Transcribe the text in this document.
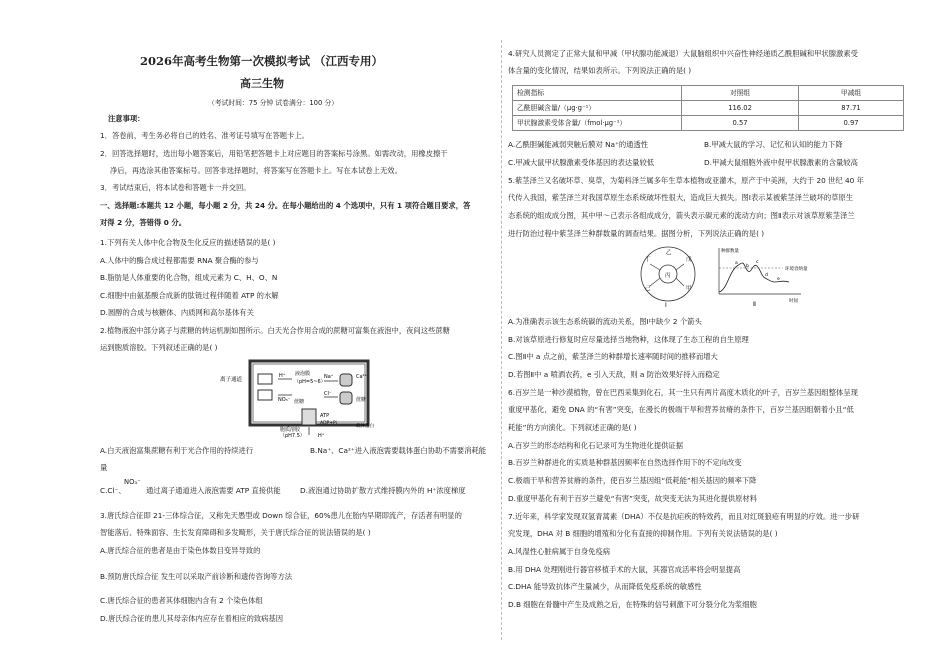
2026年高考生物第一次模拟考试 （江西专用）
高三生物
（考试时间：75 分钟 试卷满分：100 分）
注意事项：
1．答卷前，考生务必将自己的姓名、准考证号填写在答题卡上。
2．回答选择题时，选出每小题答案后，用铅笔把答题卡上对应题目的答案标号涂黑。如需改动，用橡皮擦干
净后，再选涂其他答案标号。回答非选择题时，将答案写在答题卡上。写在本试卷上无效。
3．考试结束后，将本试卷和答题卡一并交回。
一、选择题:本题共 12 小题，每小题 2 分，共 24 分。在每小题给出的 4 个选项中，只有 1 项符合题目要求，答
对得 2 分，答错得 0 分。
1.下列有关人体中化合物及生化反应的描述错误的是( )
A.人体中的酶合成过程都需要 RNA 聚合酶的参与
B.脂肪是人体重要的化合物，组成元素为 C、H、O、N
C.细胞中由氨基酸合成新的肽链过程伴随着 ATP 的水解
D.圆醇的合成与核糖体、内质网和高尔基体有关
2.植物液泡中部分离子与蔗糖的转运机制如图所示。白天光合作用合成的蔗糖可富集在液泡中，夜间这些蔗糖
运到胞质溶胶。下列叙述正确的是( )
离子通道
液泡膜
（pH=5~6）
H⁺
NO₃⁻
Na⁺	Ca²⁺
Cl⁻
蔗糖	蔗糖
ATP
ADP+Pi
胞质溶胶
（pH7.5）	H⁺
载体蛋白
A.白天液泡富集蔗糖有利于光合作用的持续进行	B.Na⁺、Ca²⁺进入液泡需要载体蛋白协助不需要消耗能
量
C.Cl⁻、
NO₃⁻
通过离子通道进入液泡需要 ATP 直接供能	D.液泡通过协助扩散方式维持膜内外的 H⁺浓度梯度
3.唐氏综合征即 21-三体综合征，又称先天愚型或 Down 综合征，60%患儿在胎内早期即流产，存活者有明显的
智能落后、特殊面容、生长发育障碍和多发畸形，关于唐氏综合征的说法错误的是( )
A.唐氏综合征的患者是由于染色体数目变异导致的
B.预防唐氏综合征 发生可以采取产前诊断和遗传咨询等方法
C.唐氏综合征的患者其体细胞内含有 2 个染色体组
D.唐氏综合征的患儿其母亲体内应存在着相应的致病基因
4.研究人员测定了正常大鼠和甲减（甲状腺功能减退）大鼠脑组织中兴奋性神经递质乙酰胆碱和甲状腺激素受
体含量的变化情况，结果如表所示。下列说法正确的是( )
检测指标	对照组	甲减组
乙酰胆碱含量/（μg·g⁻¹）	116.02	87.71
甲状腺激素受体含量/（fmol·μg⁻¹）	0.57	0.97
A.乙酰胆碱能减弱突触后膜对 Na⁺的通透性	B.甲减大鼠的学习、记忆和认知的能力下降
C.甲减大鼠甲状腺激素受体基因的表达量较低	D.甲减大鼠细胞外液中促甲状腺激素的含量较高
5.紫茎泽兰又名破坏草、臭草，为菊科泽兰属多年生草本植物或亚灌木，原产于中美洲，大约于 20 世纪 40 年
代传入我国，紫茎泽兰对我国草原生态系统破坏性很大，造成巨大损失。图Ⅰ表示某被紫茎泽兰破坏的草原生
态系统的组成成分图，其中甲～己表示各组成成分，箭头表示碳元素的流动方向；图Ⅱ表示对该草原紫茎泽兰
进行防治过程中紫茎泽兰种群数量的调查结果。据图分析，下列说法正确的是( )
丙
丁	戊
己	甲
乙
Ⅰ
种群数量
环境容纳量
a
b
c
d
e
时间
Ⅱ
A.为准确表示该生态系统碳的流动关系，图Ⅰ中缺少 2 个箭头
B.对该草原进行修复时应尽量选择当地物种，这体现了生态工程的自生原理
C.图Ⅱ中 a 点之前，紫茎泽兰的种群增长速率随时间的推移而增大
D.若图Ⅱ中 a 喷洒农药，e 引入天敌，则 a 防治效果好持入而稳定
6.百岁兰是一种沙漠植物，曾在巴西采集到化石，其一生只有两片高度木质化的叶子，百岁兰基因组整体呈现
重度甲基化，避免 DNA 的“有害”突变，在漫长的极端干旱和营养贫瘠的条件下，百岁兰基因组朝着小且“低
耗能”的方向演化。下列叙述正确的是( )
A.百岁兰的形态结构和化石记录可为生物进化提供证据
B.百岁兰种群进化的实质是种群基因频率在自然选择作用下的不定向改变
C.极端干旱和营养贫瘠的条件，使百岁兰基因组“低耗能”相关基因的频率下降
D.重度甲基化有利于百岁兰避免“有害”突变，故突变无法为其进化提供原材料
7.近年来，科学家发现双氢青蒿素（DHA）不仅是抗疟疾的特效药，而且对红斑狼疮有明显的疗效。进一步研
究发现，DHA 对 B 细胞的增殖和分化有直接的抑制作用。下列有关说法错误的是( )
A.风湿性心脏病属于自身免疫病
B.用 DHA 处理刚进行器官移植手术的大鼠，其器官成活率将会明显提高
C.DHA 能导致抗体产生量减少，从而降低免疫系统的敏感性
D.B 细胞在骨髓中产生及成熟之后，在特殊的信号刺激下可分裂分化为浆细胞
